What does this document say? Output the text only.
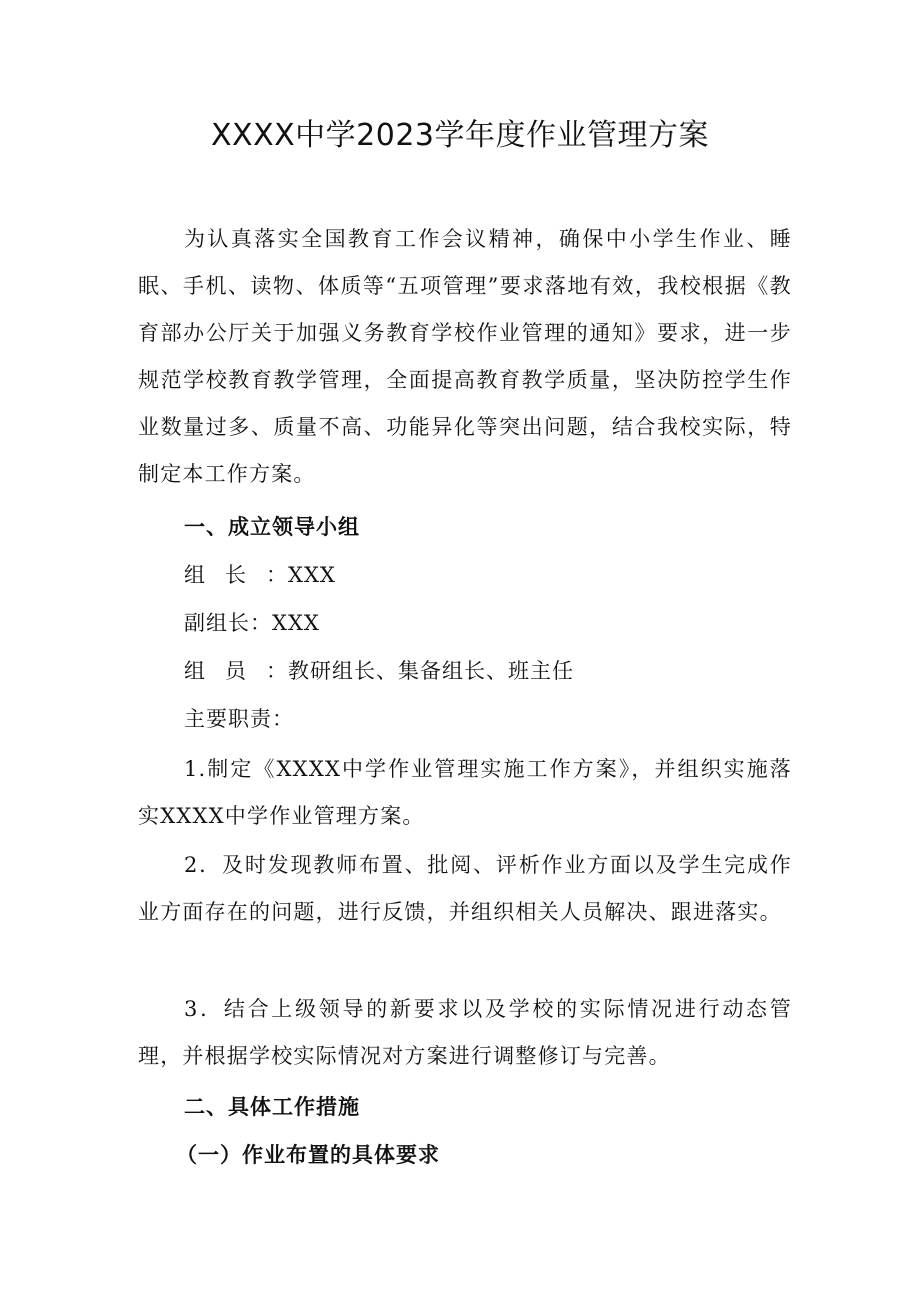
XXXX中学2023学年度作业管理方案

为认真落实全国教育工作会议精神，确保中小学生作业、睡眠、手机、读物、体质等“五项管理”要求落地有效，我校根据《教育部办公厅关于加强义务教育学校作业管理的通知》要求，进一步规范学校教育教学管理，全面提高教育教学质量，坚决防控学生作业数量过多、质量不高、功能异化等突出问题，结合我校实际，特制定本工作方案。

一、成立领导小组

组长：XXX

副组长：XXX

组员：教研组长、集备组长、班主任

主要职责：

1.制定《XXXX中学作业管理实施工作方案》，并组织实施落实XXXX中学作业管理方案。

2．及时发现教师布置、批阅、评析作业方面以及学生完成作业方面存在的问题，进行反馈，并组织相关人员解决、跟进落实。

3．结合上级领导的新要求以及学校的实际情况进行动态管理，并根据学校实际情况对方案进行调整修订与完善。

二、具体工作措施

（一）作业布置的具体要求
